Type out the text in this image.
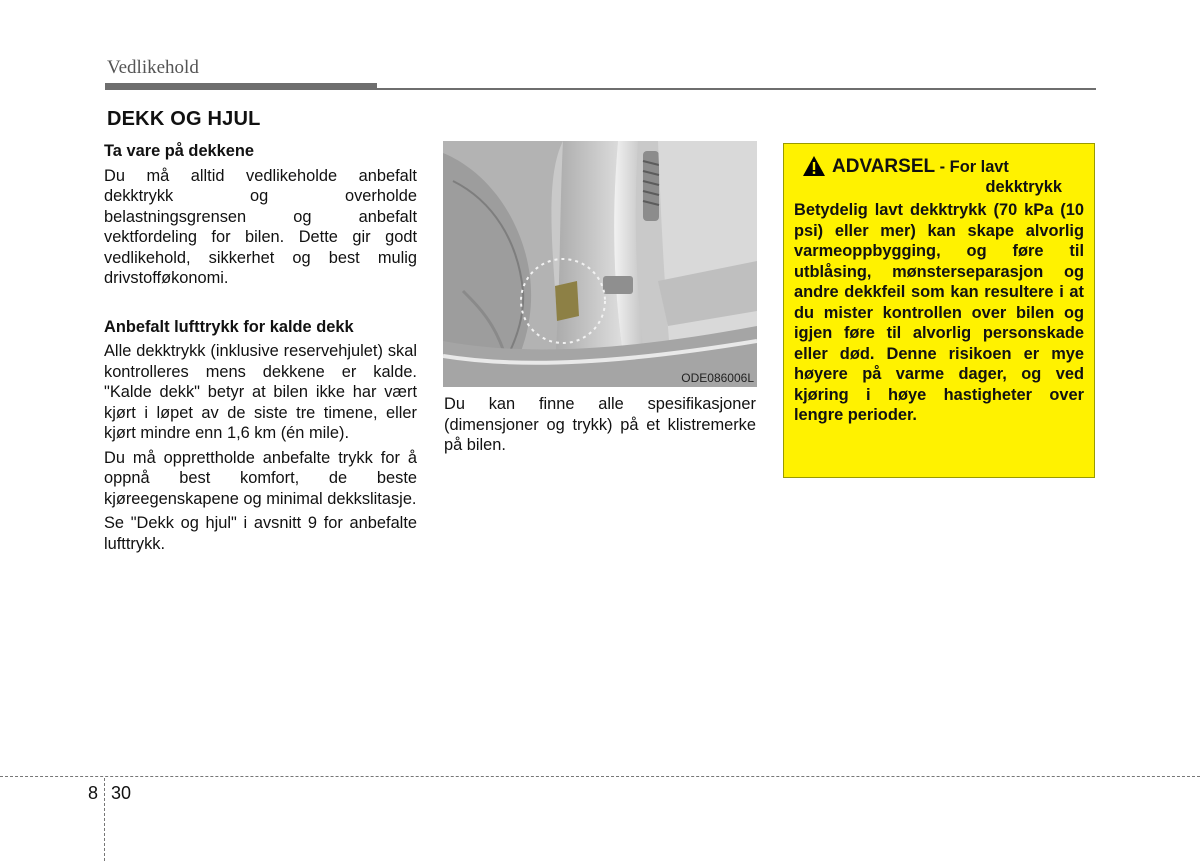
Vedlikehold
DEKK OG HJUL
Ta vare på dekkene

Du må alltid vedlikeholde anbefalt dekktrykk og overholde belastningsgrensen og anbefalt vektfordeling for bilen. Dette gir godt vedlikehold, sikkerhet og best mulig drivstofføkonomi.

Anbefalt lufttrykk for kalde dekk

Alle dekktrykk (inklusive reservehjulet) skal kontrolleres mens dekkene er kalde. "Kalde dekk" betyr at bilen ikke har vært kjørt i løpet av de siste tre timene, eller kjørt mindre enn 1,6 km (én mile).

Du må opprettholde anbefalte trykk for å oppnå best komfort, de beste kjøreegenskapene og minimal dekkslitasje.

Se "Dekk og hjul" i avsnitt 9 for anbefalte lufttrykk.

ODE086006L

Du kan finne alle spesifikasjoner (dimensjoner og trykk) på et klistremerke på bilen.

ADVARSEL - For lavt
dekktrykk

Betydelig lavt dekktrykk (70 kPa (10 psi) eller mer) kan skape alvorlig varmeoppbygging, og føre til utblåsing, mønsterseparasjon og andre dekkfeil som kan resultere i at du mister kontrollen over bilen og igjen føre til alvorlig personskade eller død. Denne risikoen er mye høyere på varme dager, og ved kjøring i høye hastigheter over lengre perioder.

8 30
